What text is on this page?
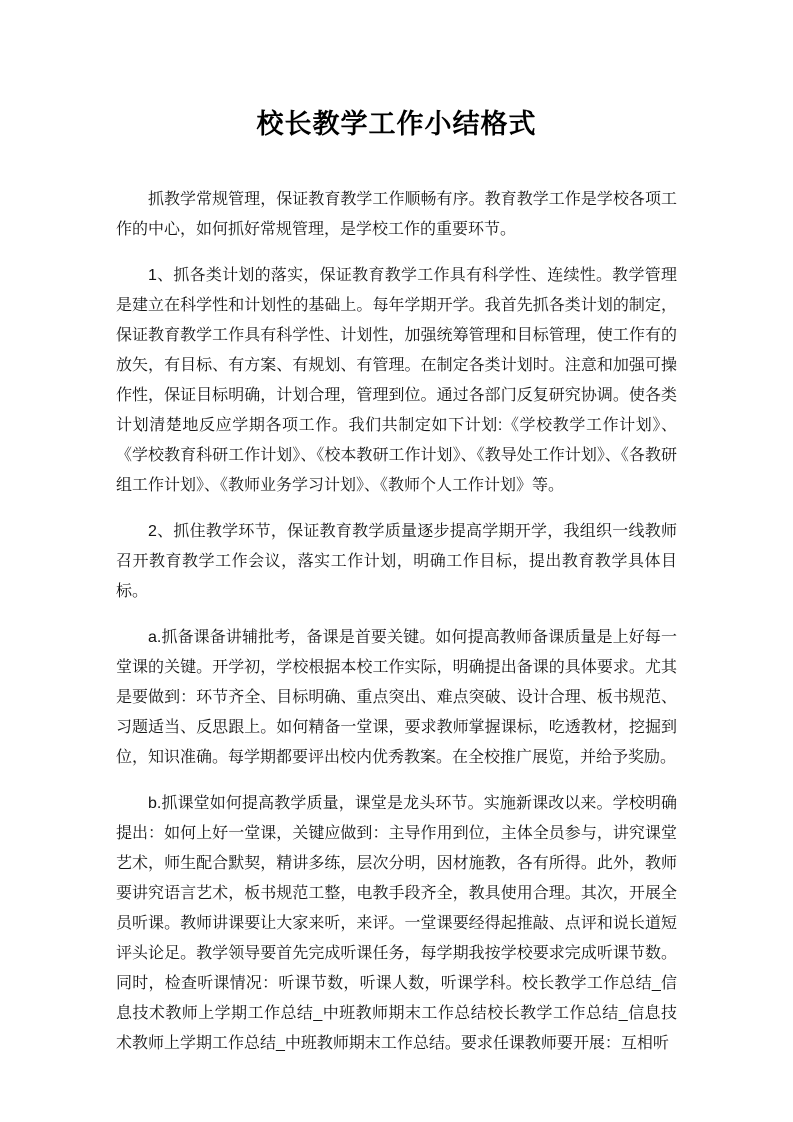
校长教学工作小结格式

抓教学常规管理，保证教育教学工作顺畅有序。教育教学工作是学校各项工作的中心，如何抓好常规管理，是学校工作的重要环节。

1、抓各类计划的落实，保证教育教学工作具有科学性、连续性。教学管理是建立在科学性和计划性的基础上。每年学期开学。我首先抓各类计划的制定，保证教育教学工作具有科学性、计划性，加强统筹管理和目标管理，使工作有的放矢，有目标、有方案、有规划、有管理。在制定各类计划时。注意和加强可操作性，保证目标明确，计划合理，管理到位。通过各部门反复研究协调。使各类计划清楚地反应学期各项工作。我们共制定如下计划:《学校教学工作计划》、《学校教育科研工作计划》、《校本教研工作计划》、《教导处工作计划》、《各教研组工作计划》、《教师业务学习计划》、《教师个人工作计划》等。

2、抓住教学环节，保证教育教学质量逐步提高学期开学，我组织一线教师召开教育教学工作会议，落实工作计划，明确工作目标，提出教育教学具体目标。

a.抓备课备讲辅批考，备课是首要关键。如何提高教师备课质量是上好每一堂课的关键。开学初，学校根据本校工作实际，明确提出备课的具体要求。尤其是要做到：环节齐全、目标明确、重点突出、难点突破、设计合理、板书规范、习题适当、反思跟上。如何精备一堂课，要求教师掌握课标，吃透教材，挖掘到位，知识准确。每学期都要评出校内优秀教案。在全校推广展览，并给予奖励。

b.抓课堂如何提高教学质量，课堂是龙头环节。实施新课改以来。学校明确提出：如何上好一堂课，关键应做到：主导作用到位，主体全员参与，讲究课堂艺术，师生配合默契，精讲多练，层次分明，因材施教，各有所得。此外，教师要讲究语言艺术，板书规范工整，电教手段齐全，教具使用合理。其次，开展全员听课。教师讲课要让大家来听，来评。一堂课要经得起推敲、点评和说长道短评头论足。教学领导要首先完成听课任务，每学期我按学校要求完成听课节数。同时，检查听课情况：听课节数，听课人数，听课学科。校长教学工作总结_信息技术教师上学期工作总结_中班教师期末工作总结校长教学工作总结_信息技术教师上学期工作总结_中班教师期末工作总结。要求任课教师要开展：互相听
